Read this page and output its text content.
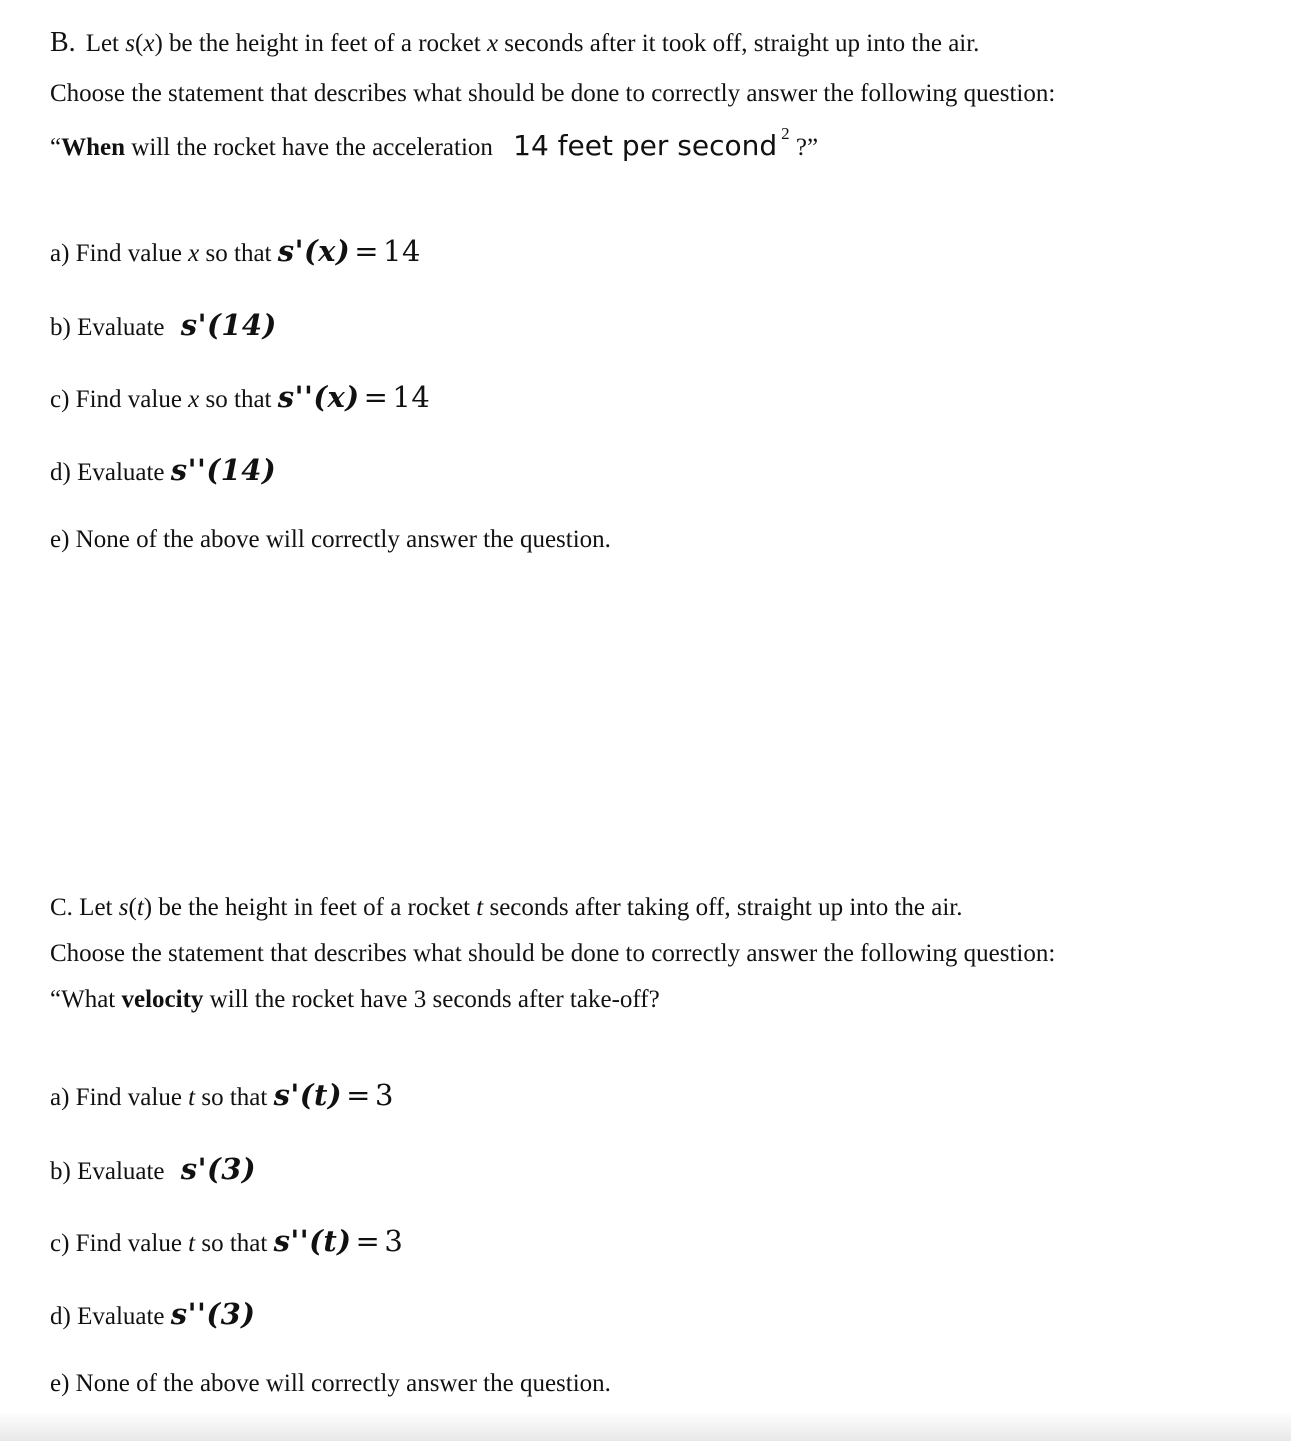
B. Let s(x) be the height in feet of a rocket x seconds after it took off, straight up into the air.
Choose the statement that describes what should be done to correctly answer the following question:
“When will the rocket have the acceleration 14 feet per second $^2$ ?”
a) Find value x so that s'(x) = 14
b) Evaluate s'(14)
c) Find value x so that s''(x) = 14
d) Evaluate s''(14)
e) None of the above will correctly answer the question.
C. Let s(t) be the height in feet of a rocket t seconds after taking off, straight up into the air.
Choose the statement that describes what should be done to correctly answer the following question:
“What velocity will the rocket have 3 seconds after take-off?
a) Find value t so that s'(t) = 3
b) Evaluate s'(3)
c) Find value t so that s''(t) = 3
d) Evaluate s''(3)
e) None of the above will correctly answer the question.
